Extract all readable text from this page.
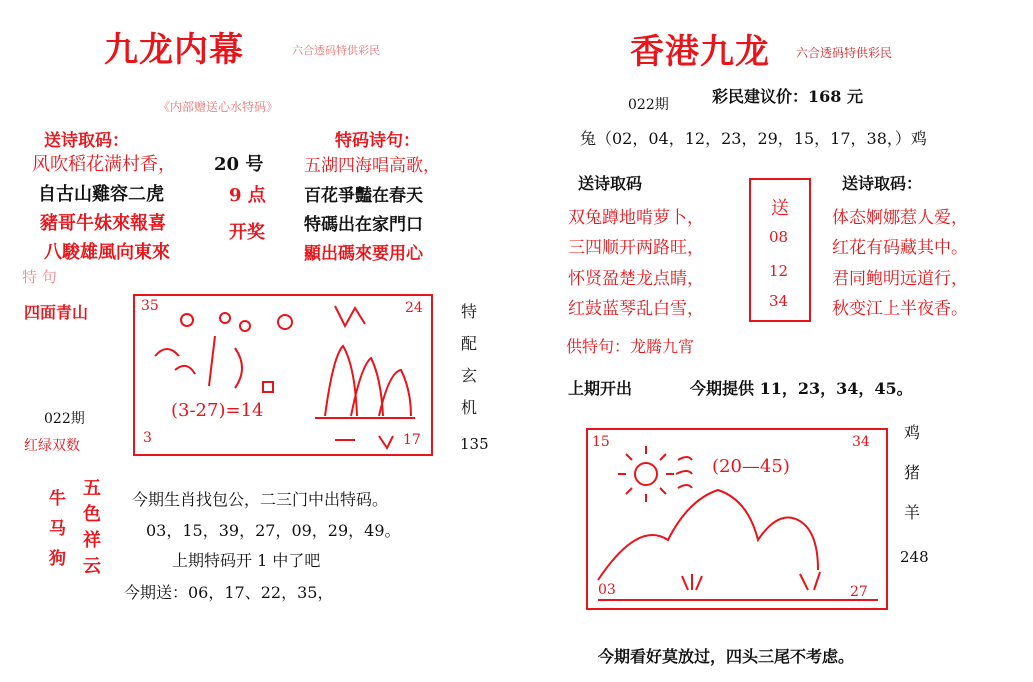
九龙内幕	六合透码特供彩民
《内部赠送心水特码》
送诗取码：	特码诗句：
风吹稻花满村香，
自古山雞容二虎
豬哥牛妹來報喜
八駿雄風向東來
20 号
9 点
开奖
五湖四海唱高歌，
百花爭豔在春天
特碼出在家門口
顯出碼來要用心
特 句
四面青山	35	24
3	17
(3-27)=14
特配玄机
022期
红绿双数	135
牛
马
狗
五色祥云
今期生肖找包公，二三门中出特码。
03，15，39，27，09，29，49。
上期特码开 1 中了吧
今期送：06，17、22，35，
香港九龙 六合透码特供彩民
022期	彩民建议价：168 元
兔（02，04，12，23，29，15，17，38，）鸡
送诗取码	送诗取码：
双兔蹲地啃萝卜，
三四顺开两路旺，
怀贤盈楚龙点睛，
红鼓蓝琴乱白雪，
送
08
12
34
体态婀娜惹人爱，
红花有码藏其中。
君同鲍明远道行，
秋变江上半夜香。
供特句：龙腾九宵
上期开出	今期提供 11，23，34，45。
15	34
03	27
(20—45)
鸡
猪
羊
248
今期看好莫放过，四头三尾不考虑。
